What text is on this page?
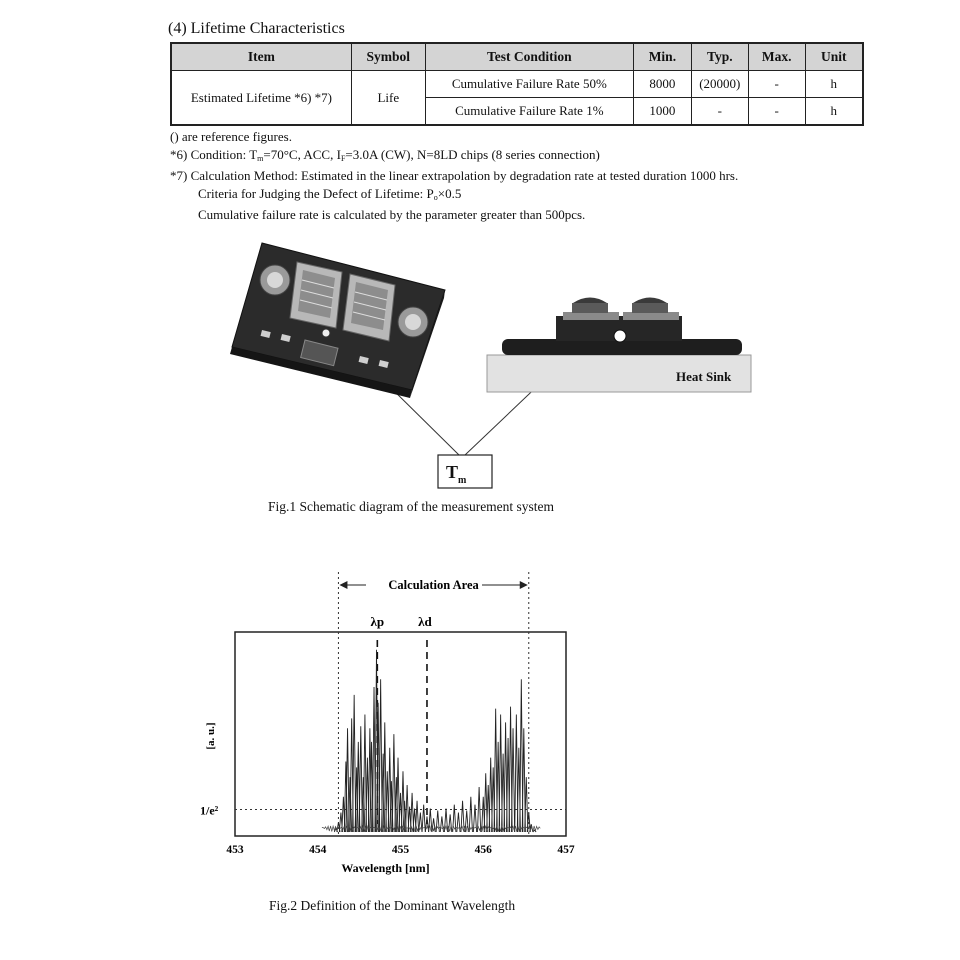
(4) Lifetime Characteristics
Item	Symbol	Test Condition	Min.	Typ.	Max.	Unit
Estimated Lifetime *6) *7)	Life	Cumulative Failure Rate 50%	8000	(20000)	-	h
		Cumulative Failure Rate 1%	1000	-	-	h
() are reference figures.
*6) Condition: $T_m=70^\circ C$, ACC, $I_F=3.0A$ (CW), N=8LD chips (8 series connection)
*7) Calculation Method: Estimated in the linear extrapolation by degradation rate at tested duration 1000 hrs.
Criteria for Judging the Defect of Lifetime: $P_o\times 0.5$
Cumulative failure rate is calculated by the parameter greater than 500pcs.
Heat Sink
$T_m$
Fig.1 Schematic diagram of the measurement system
Calculation Area
λp	λd
1/e²
453	454	455	456	457
Wavelength [nm]
[a. u.]
Fig.2 Definition of the Dominant Wavelength
